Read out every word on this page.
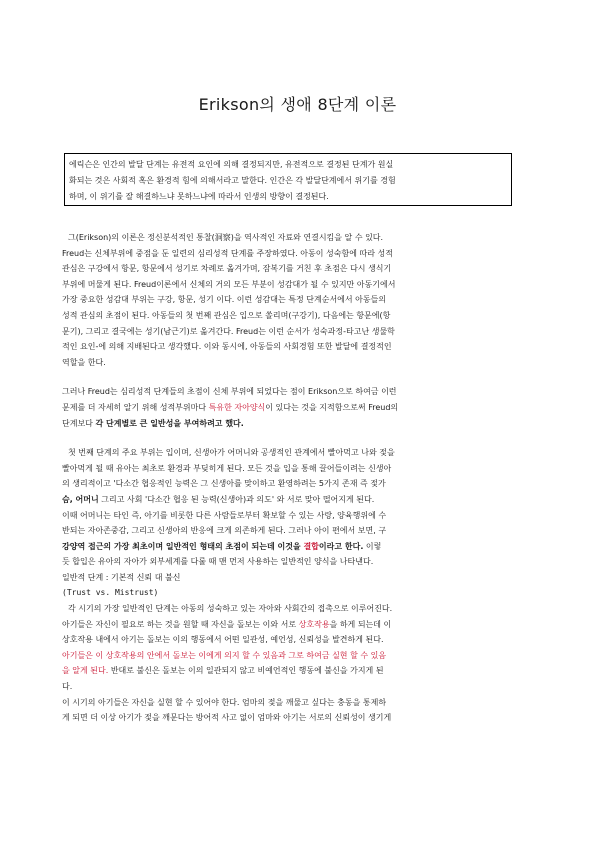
Erikson의 생애 8단계 이론
에릭슨은 인간의 발달 단계는 유전적 요인에 의해 결정되지만, 유전적으로 결정된 단계가 원실
화되는 것은 사회적 혹은 환경적 힘에 의해서라고 말한다. 인간은 각 발달단계에서 위기를 경험
하며, 이 위기를 잘 해결하느냐 못하느냐에 따라서 인생의 방향이 결정된다.
그(Erikson)의 이론은 정신분석적인 통찰(洞察)을 역사적인 자료와 연결시킴을 알 수 있다.
Freud는 신체부위에 중점을 둔 일련의 심리성적 단계를 주장하였다. 아동이 성숙함에 따라 성적
관심은 구강에서 항문, 항문에서 성기로 차례로 옮겨가며, 잠복기를 거친 후 초점은 다시 생식기
부위에 머물게 된다. Freud이론에서 신체의 거의 모든 부분이 성감대가 될 수 있지만 아동기에서
가장 중요한 성감대 부위는 구강, 항문, 성기 이다. 이런 성감대는 특정 단계순서에서 아동들의
성적 관심의 초점이 된다. 아동들의 첫 번째 관심은 입으로 쏠리며(구강기), 다음에는 항문에(항
문기), 그리고 결국에는 성기(남근기)로 옮겨간다. Freud는 이런 순서가 성숙과정-타고난 생물학
적인 요인-에 의해 지배된다고 생각했다. 이와 동시에, 아동들의 사회경험 또한 발달에 결정적인
역할을 한다.
그러나 Freud는 심리성적 단계들의 초점이 신체 부위에 되었다는 점이 Erikson으로 하여금 이런
문제를 더 자세히 알기 위해 성적부위마다 특유한 자아양식이 있다는 것을 지적함으로써 Freud의
단계보다 각 단계별로 큰 일반성을 부여하려고 했다.
첫 번째 단계의 주요 부위는 입이며, 신생아가 어머니와 공생적인 관계에서 빨아먹고 나와 젖을
빨아먹게 될 때 유아는 최초로 환경과 부딪히게 된다. 모든 것을 입을 통해 끌어들이려는 신생아
의 생리적이고 '다소간 협응적인 능력은 그 신생아를 맞이하고 환영하려는 5가지 존재 즉 젖가
슴, 어머니 그리고 사회 '다소간 협응 된 능력(신생아)과 의도' 와 서로 맞아 떨어지게 된다.
이때 어머니는 타인 즉, 아기를 비롯한 다른 사람들로부터 확보할 수 있는 사랑, 양육행위에 수
반되는 자아존중감, 그리고 신생아의 반응에 크게 의존하게 된다. 그러나 아이 편에서 보면, 구
강양역 접근의 가장 최초이며 일반적인 형태의 초점이 되는데 이것을 결합이라고 한다. 이렇
듯 합입은 유아의 자아가 외부세계를 다룰 때 맨 먼저 사용하는 일반적인 양식을 나타낸다.
일반적 단계 : 기본적 신뢰 대 불신
(Trust vs. Mistrust)
각 시기의 가장 일반적인 단계는 아동의 성숙하고 있는 자아와 사회간의 접촉으로 이루어진다.
아기들은 자신이 필요로 하는 것을 원할 때 자신을 돌보는 이와 서로 상호작용을 하게 되는데 이
상호작용 내에서 아기는 돌보는 이의 행동에서 어떤 일관성, 예언성, 신뢰성을 발견하게 된다.
아기들은 이 상호작용의 안에서 돌보는 이에게 의지 할 수 있음과 그로 하여금 실현 할 수 있음
을 알게 된다. 반대로 불신은 돌보는 이의 일관되지 않고 비예언적인 행동에 불신을 가지게 된
다.
이 시기의 아기들은 자신을 실현 할 수 있어야 한다. 엄마의 젖을 깨물고 싶다는 충동을 통제하
게 되면 더 이상 아기가 젖을 깨문다는 방어적 사고 없이 엄마와 아기는 서로의 신뢰성이 생기게
